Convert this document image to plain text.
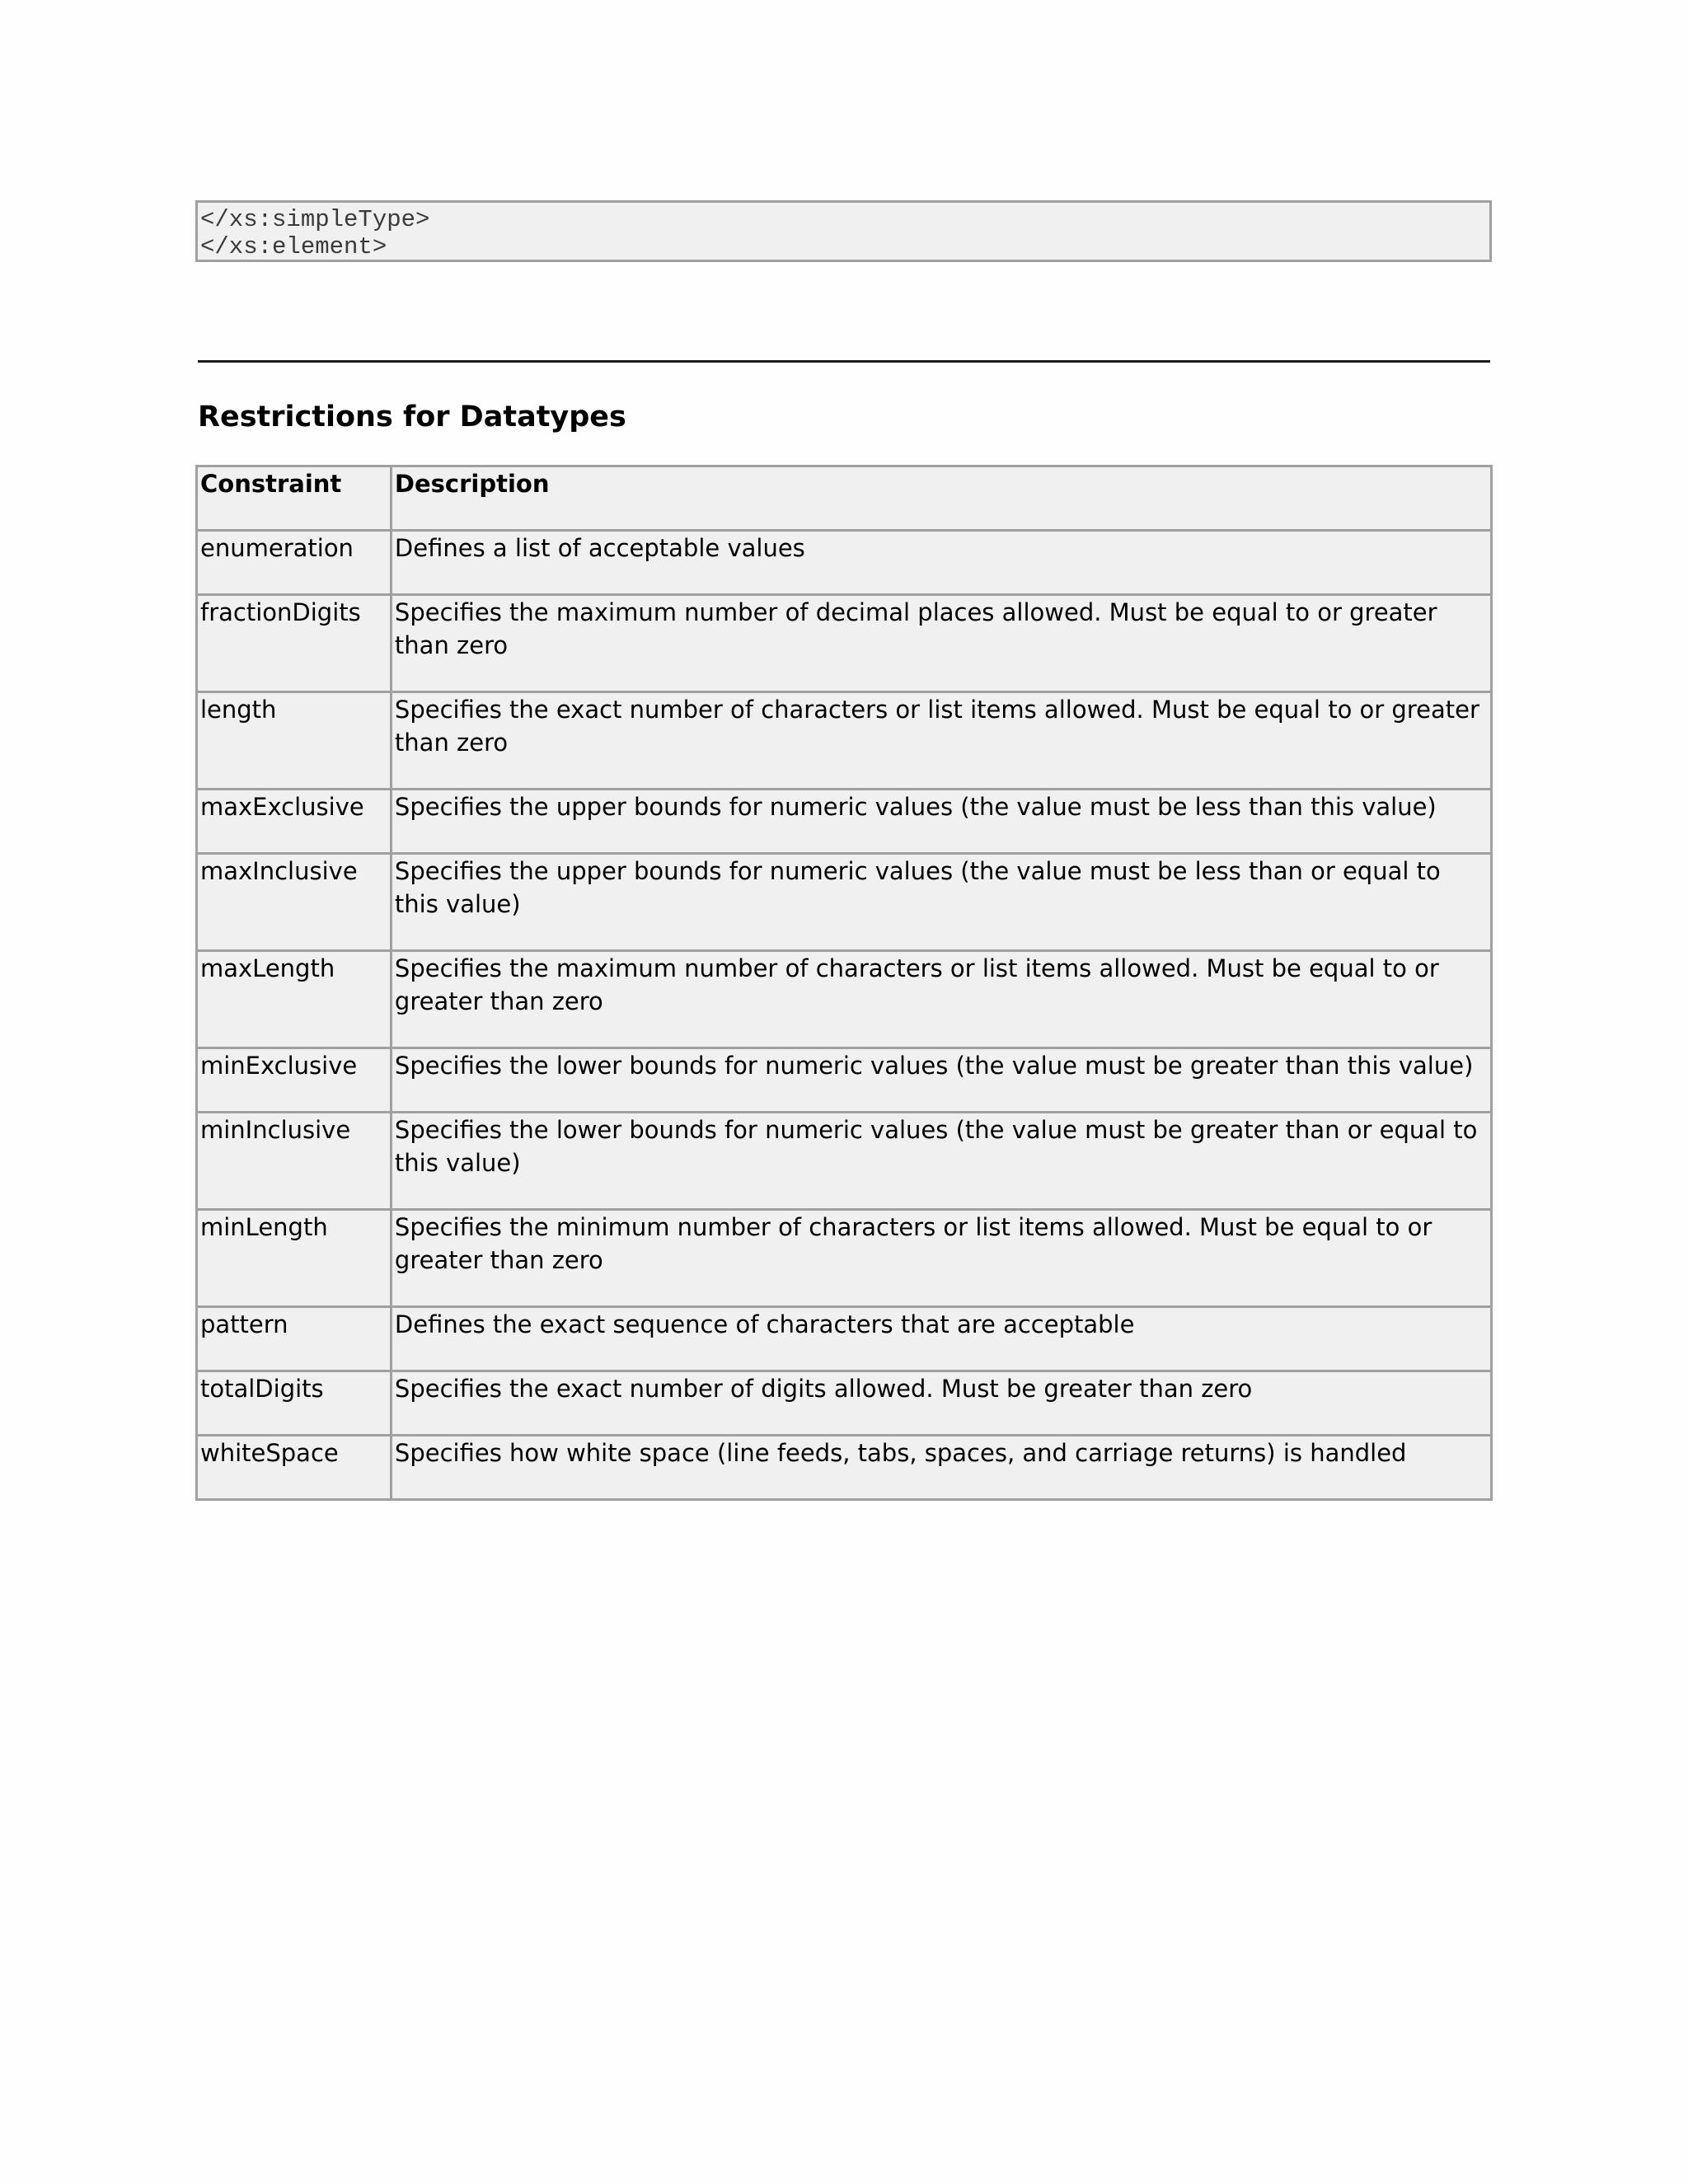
</xs:simpleType>
</xs:element>
Restrictions for Datatypes
Constraint	Description
enumeration	Defines a list of acceptable values
fractionDigits	Specifies the maximum number of decimal places allowed. Must be equal to or greater than zero
length	Specifies the exact number of characters or list items allowed. Must be equal to or greater than zero
maxExclusive	Specifies the upper bounds for numeric values (the value must be less than this value)
maxInclusive	Specifies the upper bounds for numeric values (the value must be less than or equal to this value)
maxLength	Specifies the maximum number of characters or list items allowed. Must be equal to or greater than zero
minExclusive	Specifies the lower bounds for numeric values (the value must be greater than this value)
minInclusive	Specifies the lower bounds for numeric values (the value must be greater than or equal to this value)
minLength	Specifies the minimum number of characters or list items allowed. Must be equal to or greater than zero
pattern	Defines the exact sequence of characters that are acceptable
totalDigits	Specifies the exact number of digits allowed. Must be greater than zero
whiteSpace	Specifies how white space (line feeds, tabs, spaces, and carriage returns) is handled
